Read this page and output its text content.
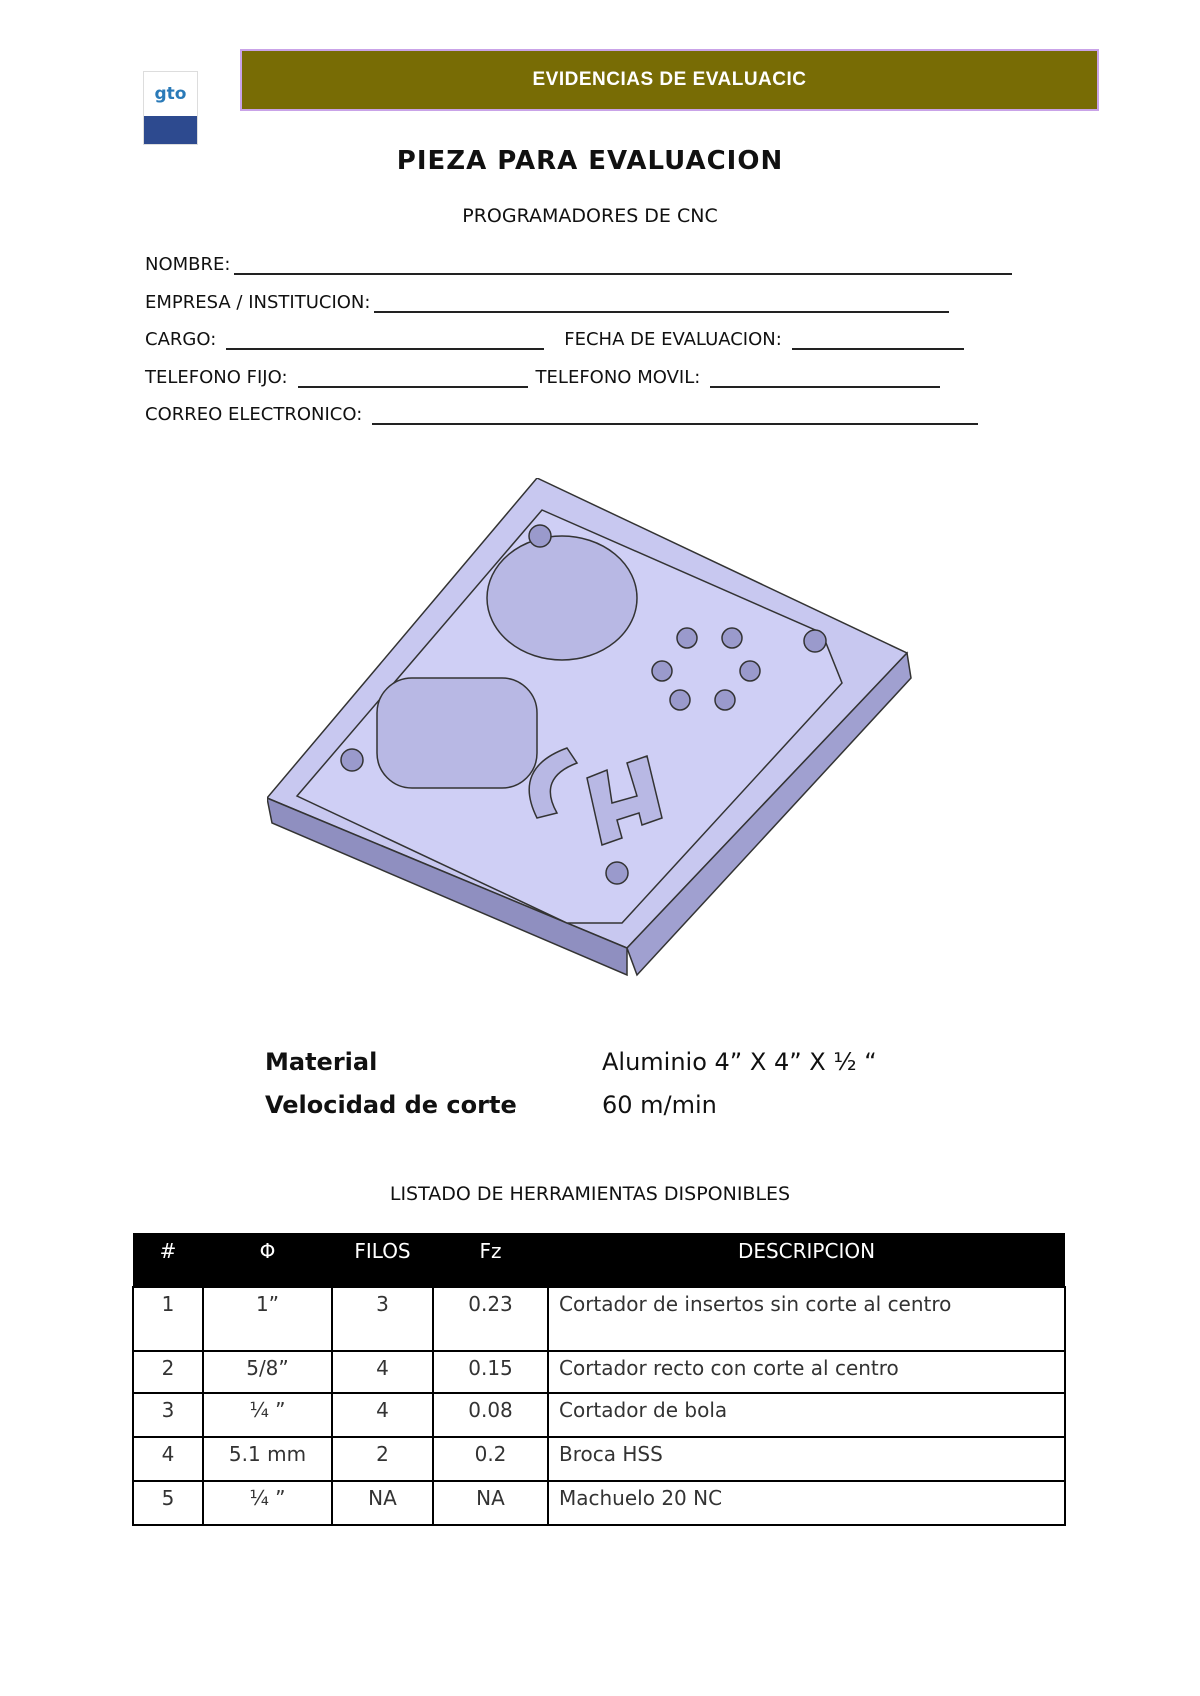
gto
EVIDENCIAS DE EVALUACIC
PIEZA PARA EVALUACION
PROGRAMADORES DE CNC
NOMBRE:
EMPRESA / INSTITUCION:
CARGO:	FECHA DE EVALUACION:
TELEFONO FIJO:	TELEFONO MOVIL:
CORREO ELECTRONICO:
Material	Aluminio 4” X 4” X ½ “
Velocidad de corte	60 m/min
LISTADO DE HERRAMIENTAS DISPONIBLES
#	Φ	FILOS	Fz	DESCRIPCION
1	1”	3	0.23	Cortador de insertos sin corte al centro
2	5/8”	4	0.15	Cortador recto con corte al centro
3	¼ ”	4	0.08	Cortador de bola
4	5.1 mm	2	0.2	Broca HSS
5	¼ ”	NA	NA	Machuelo 20 NC
